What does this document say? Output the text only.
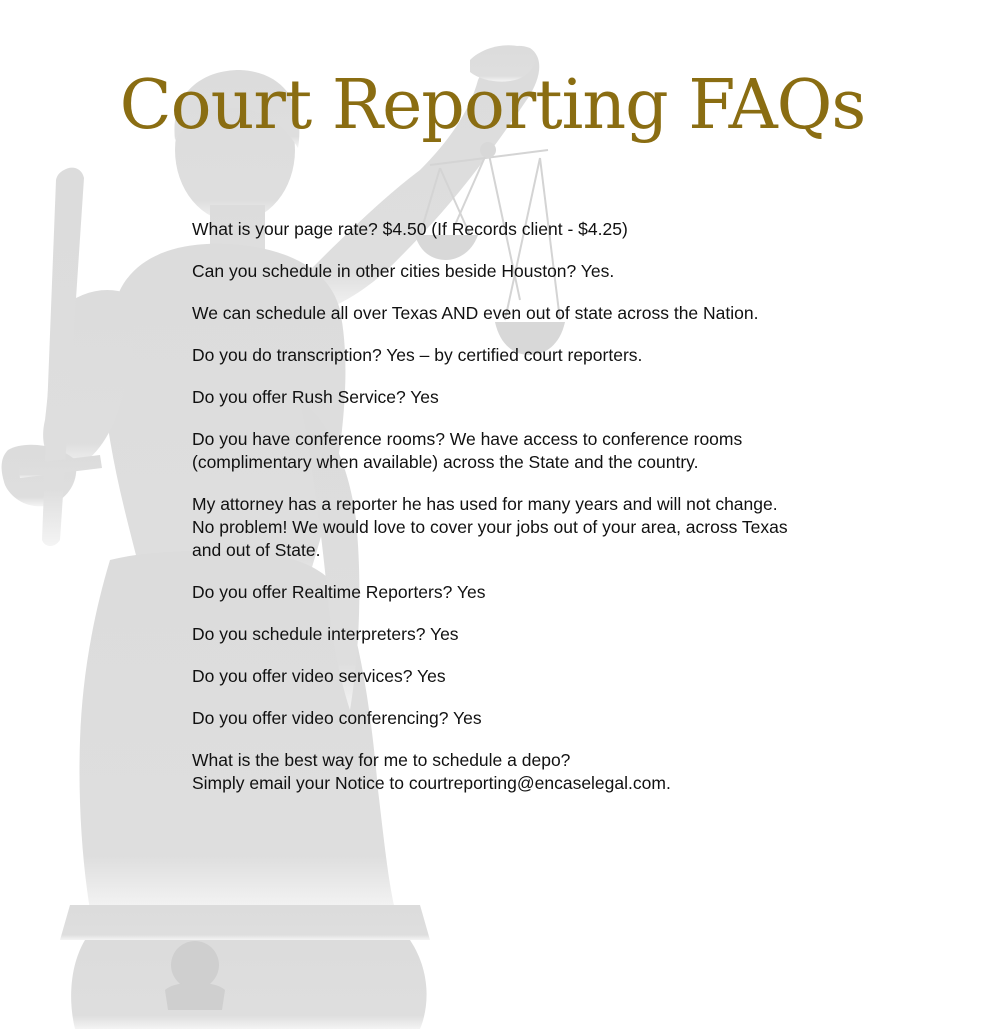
Court Reporting FAQs

What is your page rate? $4.50 (If Records client - $4.25)

Can you schedule in other cities beside Houston? Yes.

We can schedule all over Texas AND even out of state across the Nation.

Do you do transcription? Yes – by certified court reporters.

Do you offer Rush Service? Yes

Do you have conference rooms? We have access to conference rooms (complimentary when available) across the State and the country.

My attorney has a reporter he has used for many years and will not change. No problem! We would love to cover your jobs out of your area, across Texas and out of State.

Do you offer Realtime Reporters? Yes

Do you schedule interpreters? Yes

Do you offer video services? Yes

Do you offer video conferencing? Yes

What is the best way for me to schedule a depo?
Simply email your Notice to courtreporting@encaselegal.com.
